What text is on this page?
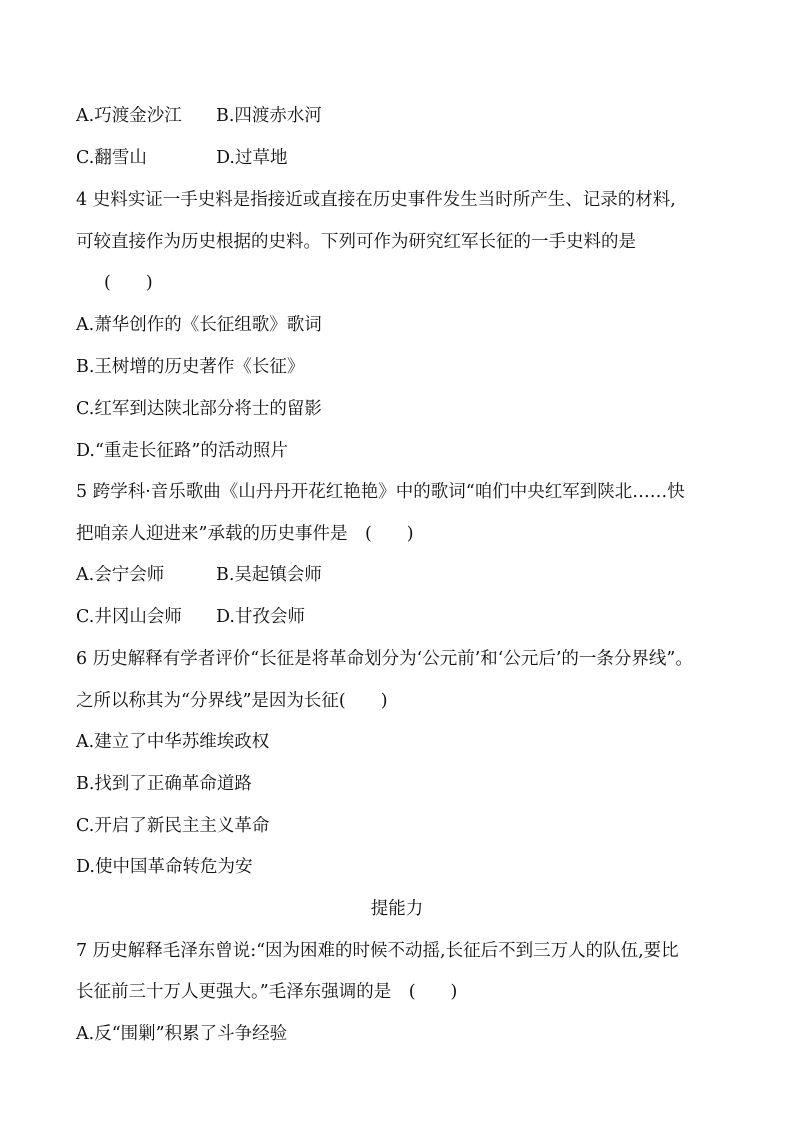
A.巧渡金沙江 B.四渡赤水河
C.翻雪山	D.过草地
4 史料实证一手史料是指接近或直接在历史事件发生当时所产生、记录的材料,
可较直接作为历史根据的史料。下列可作为研究红军长征的一手史料的是
(　　)
A.萧华创作的《长征组歌》歌词
B.王树增的历史著作《长征》
C.红军到达陕北部分将士的留影
D.“重走长征路”的活动照片
5 跨学科·音乐歌曲《山丹丹开花红艳艳》中的歌词“咱们中央红军到陕北……快
把咱亲人迎进来”承载的历史事件是　(　　)
A.会宁会师	B.吴起镇会师
C.井冈山会师 D.甘孜会师
6 历史解释有学者评价“长征是将革命划分为‘公元前’和‘公元后’的一条分界线”。
之所以称其为“分界线”是因为长征(　　)
A.建立了中华苏维埃政权
B.找到了正确革命道路
C.开启了新民主主义革命
D.使中国革命转危为安
提能力
7 历史解释毛泽东曾说:“因为困难的时候不动摇,长征后不到三万人的队伍,要比
长征前三十万人更强大。”毛泽东强调的是　(　　)
A.反“围剿”积累了斗争经验
